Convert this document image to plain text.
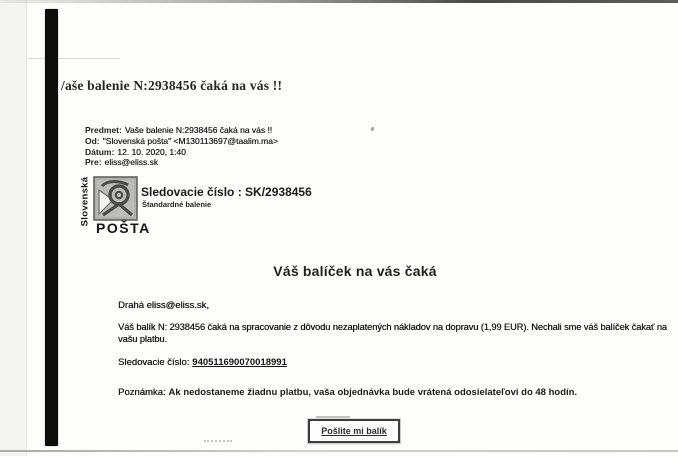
/aše balenie N:2938456 čaká na vás !!
Predmet: Vaše balenie N:2938456 čaká na vás !!
Od: "Slovenská pošta" <M130113697@taalim.ma>
Dátum: 12. 10. 2020, 1:40
Pre: eliss@eliss.sk
Slovenská
POŠTA
Sledovacie číslo : SK/2938456
Štandardné balenie
Váš balíček na vás čaká
Drahá eliss@eliss.sk,
Váš balík N: 2938456 čaká na spracovanie z dôvodu nezaplatených nákladov na dopravu (1,99 EUR). Nechali sme váš balíček čakať na vašu platbu.
Sledovacie číslo: 940511690070018991
Poznámka: Ak nedostaneme žiadnu platbu, vaša objednávka bude vrátená odosielateľovi do 48 hodín.
Pošlite mi balík
